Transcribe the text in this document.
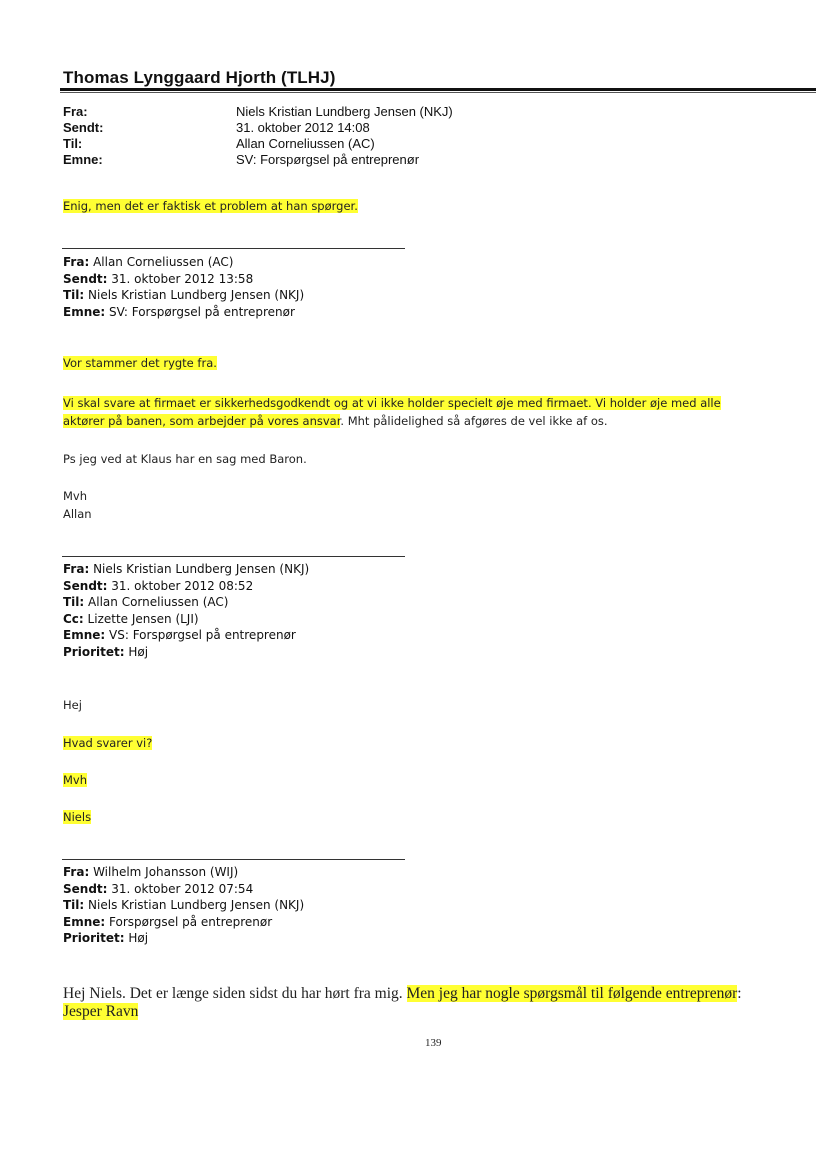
Thomas Lynggaard Hjorth (TLHJ)
Fra:	Niels Kristian Lundberg Jensen (NKJ)
Sendt:	31. oktober 2012 14:08
Til:	Allan Corneliussen (AC)
Emne:	SV: Forspørgsel på entreprenør
Enig, men det er faktisk et problem at han spørger.
Fra: Allan Corneliussen (AC)
Sendt: 31. oktober 2012 13:58
Til: Niels Kristian Lundberg Jensen (NKJ)
Emne: SV: Forspørgsel på entreprenør
Vor stammer det rygte fra.
Vi skal svare at firmaet er sikkerhedsgodkendt og at vi ikke holder specielt øje med firmaet. Vi holder øje med alle
aktører på banen, som arbejder på vores ansvar. Mht pålidelighed så afgøres de vel ikke af os.
Ps jeg ved at Klaus har en sag med Baron.
Mvh
Allan
Fra: Niels Kristian Lundberg Jensen (NKJ)
Sendt: 31. oktober 2012 08:52
Til: Allan Corneliussen (AC)
Cc: Lizette Jensen (LJI)
Emne: VS: Forspørgsel på entreprenør
Prioritet: Høj
Hej
Hvad svarer vi?
Mvh
Niels
Fra: Wilhelm Johansson (WIJ)
Sendt: 31. oktober 2012 07:54
Til: Niels Kristian Lundberg Jensen (NKJ)
Emne: Forspørgsel på entreprenør
Prioritet: Høj
Hej Niels. Det er længe siden sidst du har hørt fra mig. Men jeg har nogle spørgsmål til følgende entreprenør:
Jesper Ravn
139
